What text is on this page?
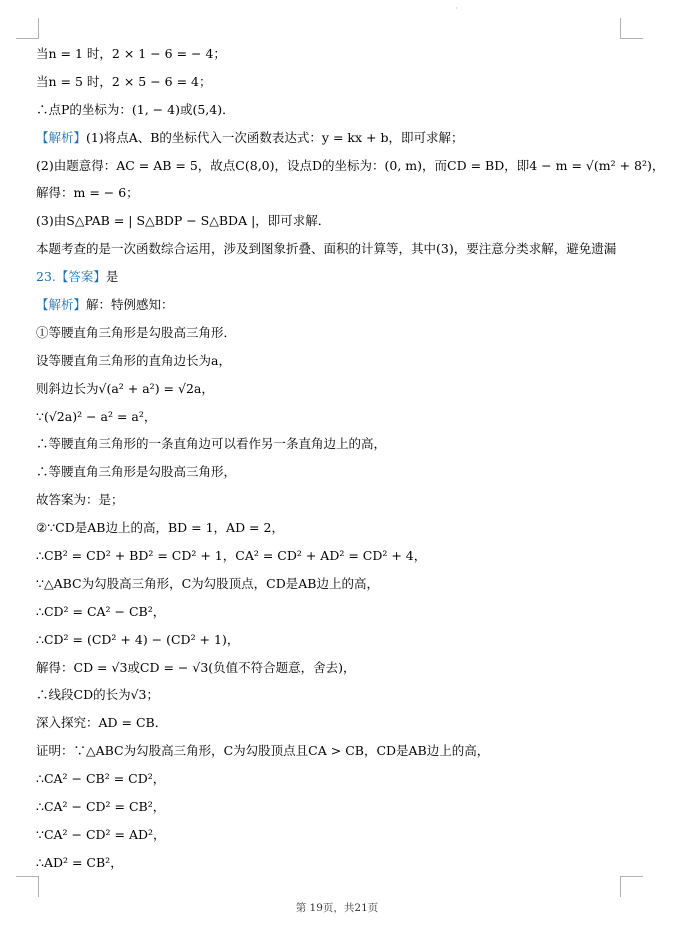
·
当n = 1 时，2 × 1 − 6 = − 4；
当n = 5 时，2 × 5 − 6 = 4；
∴点P的坐标为：(1, − 4)或(5,4)．
【解析】(1)将点A、B的坐标代入一次函数表达式：y = kx + b，即可求解；
(2)由题意得：AC = AB = 5，故点C(8,0)，设点D的坐标为：(0, m)，而CD = BD，即4 − m = √(m² + 8²)，
解得：m = − 6；
(3)由S△PAB = | S△BDP − S△BDA |，即可求解．
本题考查的是一次函数综合运用，涉及到图象折叠、面积的计算等，其中(3)，要注意分类求解，避免遗漏
23.【答案】是
【解析】解：特例感知：
①等腰直角三角形是勾股高三角形．
设等腰直角三角形的直角边长为a，
则斜边长为√(a² + a²) = √2a，
∵(√2a)² − a² = a²，
∴等腰直角三角形的一条直角边可以看作另一条直角边上的高，
∴等腰直角三角形是勾股高三角形，
故答案为：是；
②∵CD是AB边上的高，BD = 1，AD = 2，
∴CB² = CD² + BD² = CD² + 1，CA² = CD² + AD² = CD² + 4，
∵△ABC为勾股高三角形，C为勾股顶点，CD是AB边上的高，
∴CD² = CA² − CB²，
∴CD² = (CD² + 4) − (CD² + 1)，
解得：CD = √3或CD = − √3(负值不符合题意，舍去)，
∴线段CD的长为√3；
深入探究：AD = CB．
证明：∵△ABC为勾股高三角形，C为勾股顶点且CA > CB，CD是AB边上的高，
∴CA² − CB² = CD²，
∴CA² − CD² = CB²，
∵CA² − CD² = AD²，
∴AD² = CB²，
第 19页，共21页
